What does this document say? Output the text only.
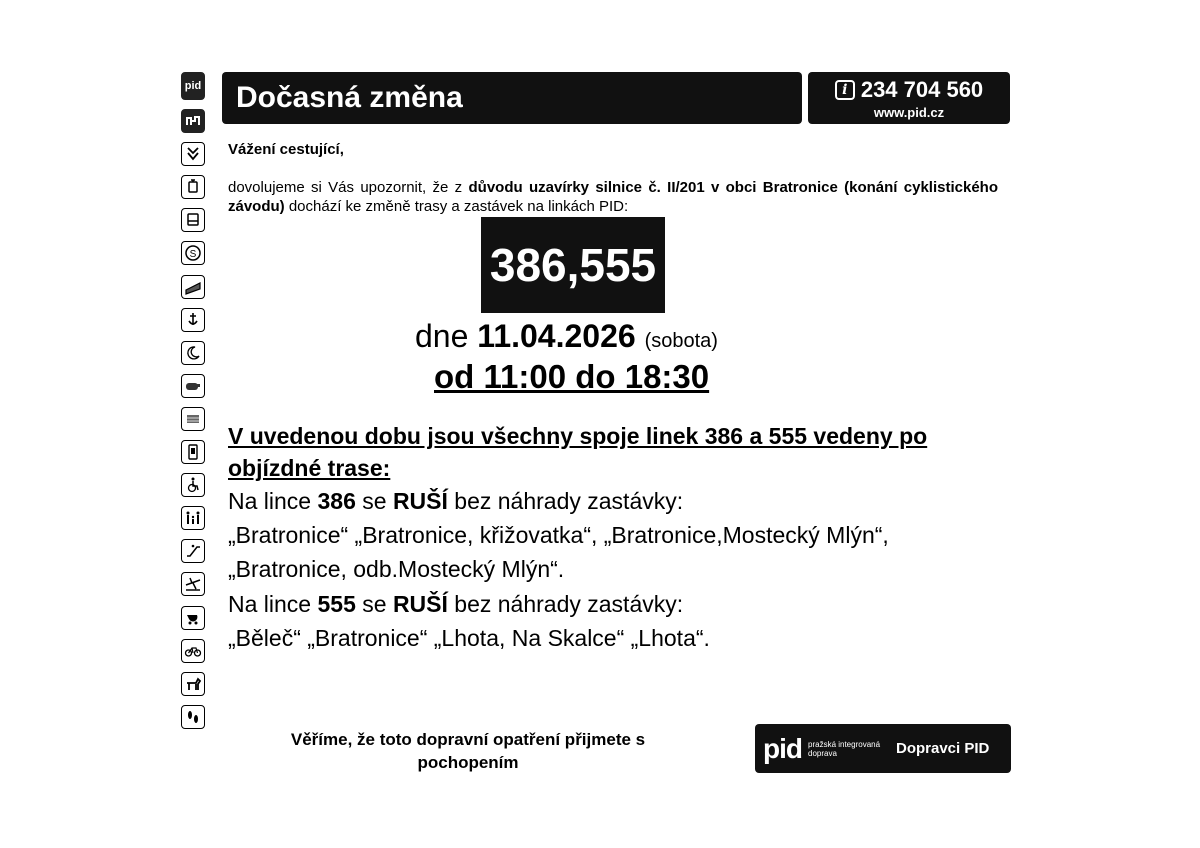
pid
S
Dočasná změna	i 234 704 560
www.pid.cz
Vážení cestující,
dovolujeme si Vás upozornit, že z důvodu uzavírky silnice č. II/201 v obci Bratronice (konání cyklistického závodu) dochází ke změně trasy a zastávek na linkách PID:
386,555
dne 11.04.2026 (sobota)
od 11:00 do 18:30
V uvedenou dobu jsou všechny spoje linek 386 a 555 vedeny po objízdné trase:
Na lince 386 se RUŠÍ bez náhrady zastávky:
„Bratronice“ „Bratronice, křižovatka“, „Bratronice,Mostecký Mlýn“,
„Bratronice, odb.Mostecký Mlýn“.
Na lince 555 se RUŠÍ bez náhrady zastávky:
„Běleč“ „Bratronice“ „Lhota, Na Skalce“ „Lhota“.
Věříme, že toto dopravní opatření přijmete s pochopením	pid pražská integrovaná doprava	Dopravci PID
